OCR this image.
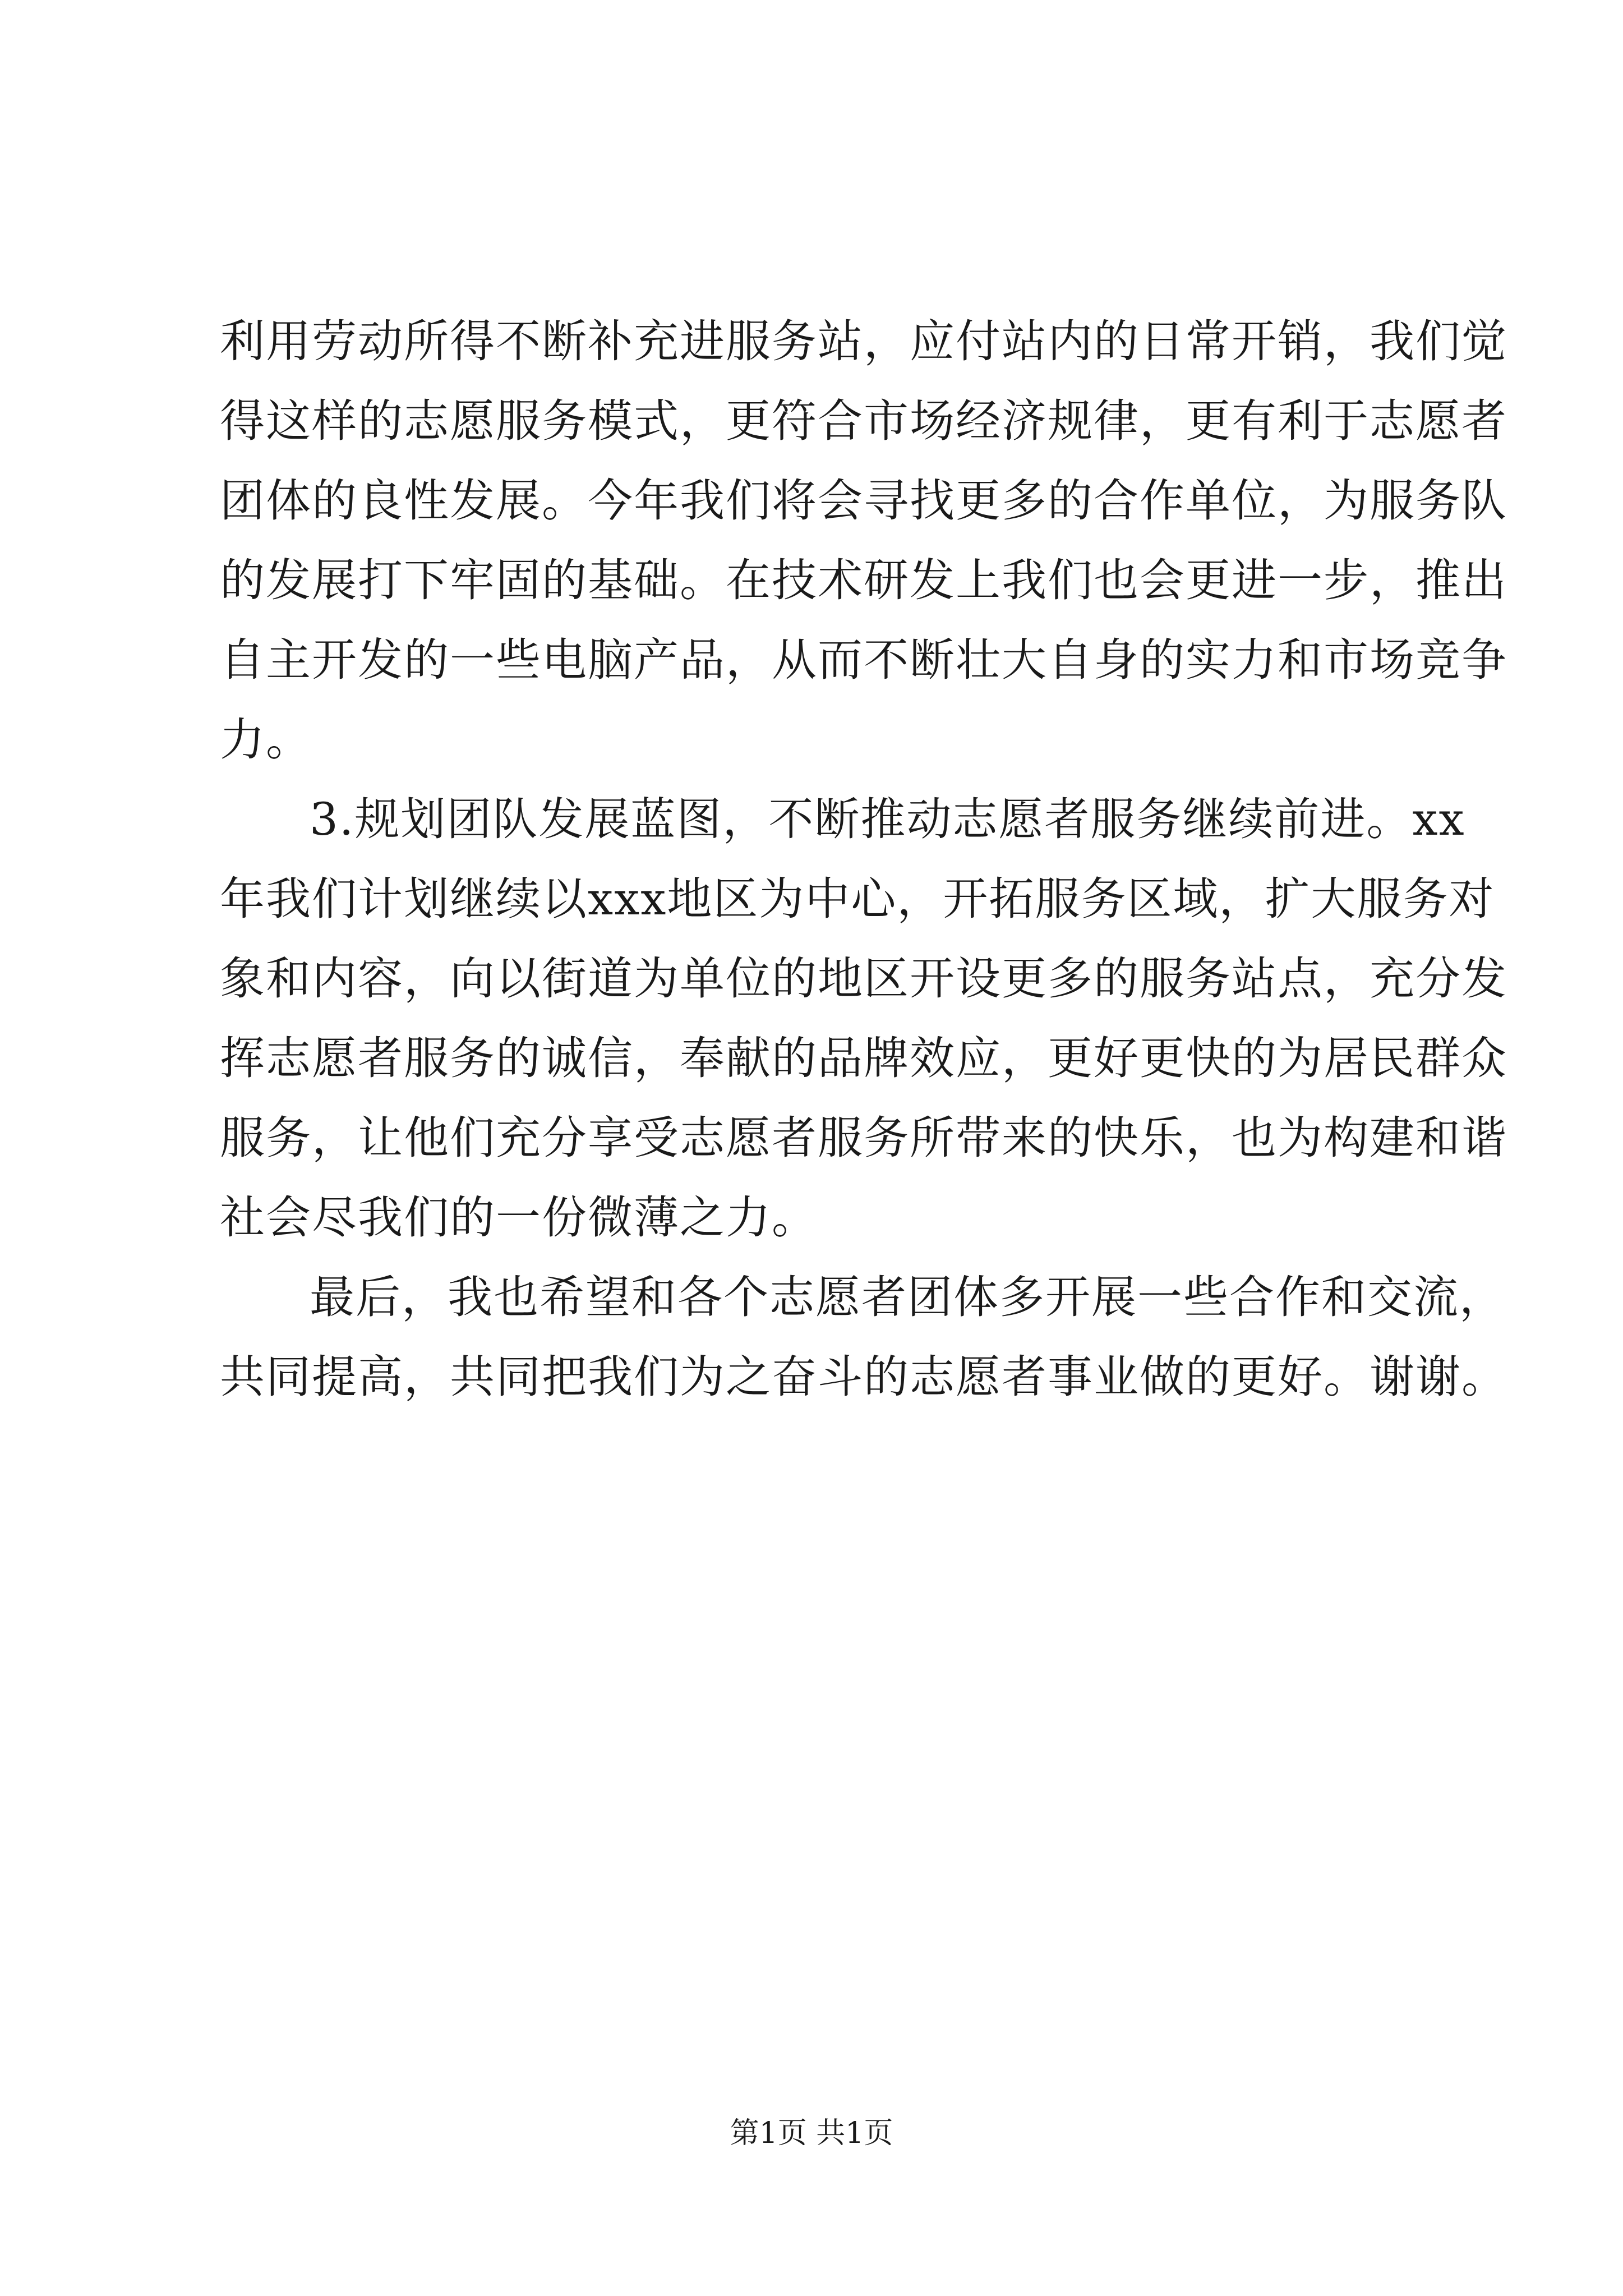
利用劳动所得不断补充进服务站，应付站内的日常开销，我们觉
得这样的志愿服务模式，更符合市场经济规律，更有利于志愿者
团体的良性发展。今年我们将会寻找更多的合作单位，为服务队
的发展打下牢固的基础。在技术研发上我们也会更进一步，推出
自主开发的一些电脑产品，从而不断壮大自身的实力和市场竞争
力。
3.规划团队发展蓝图，不断推动志愿者服务继续前进。xx
年我们计划继续以xxx地区为中心，开拓服务区域，扩大服务对
象和内容，向以街道为单位的地区开设更多的服务站点，充分发
挥志愿者服务的诚信，奉献的品牌效应，更好更快的为居民群众
服务，让他们充分享受志愿者服务所带来的快乐，也为构建和谐
社会尽我们的一份微薄之力。
最后，我也希望和各个志愿者团体多开展一些合作和交流，
共同提高，共同把我们为之奋斗的志愿者事业做的更好。谢谢。
第1页 共1页
